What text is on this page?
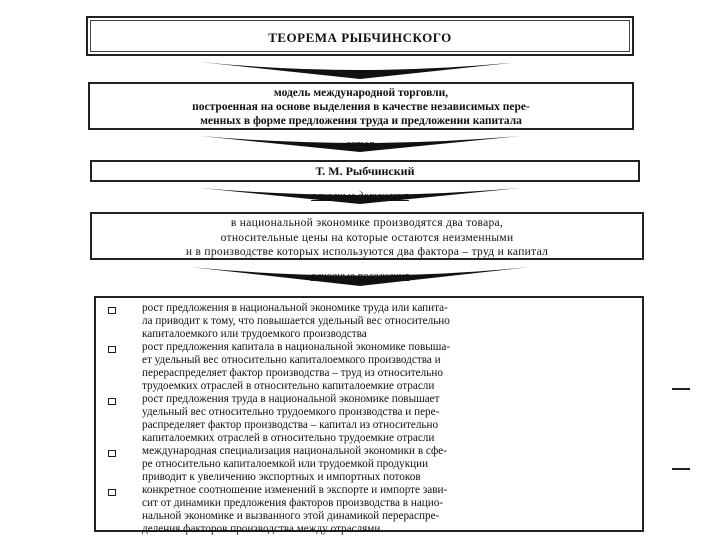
ТЕОРЕМА РЫБЧИНСКОГО
модель международной торговли,
построенная на основе выделения в качестве независимых пере-
менных в форме предложения труда и предложении капитала
автор
Т. М. Рыбчинский
основные допущения
в национальной экономике производятся два товара,
относительные цены на которые остаются неизменными
и в производстве которых используются два фактора – труд и капитал
основные положения
рост предложения в национальной экономике труда или капита-
ла приводит к тому, что повышается удельный вес относительно
капиталоемкого или трудоемкого производства
рост предложения капитала в национальной экономике повыша-
ет удельный вес относительно капиталоемкого производства и
перераспределяет фактор производства – труд из относительно
трудоемких отраслей в относительно капиталоемкие отрасли
рост предложения труда в национальной экономике повышает
удельный вес относительно трудоемкого производства и пере-
распределяет фактор производства – капитал из относительно
капиталоемких отраслей в относительно трудоемкие отрасли
международная специализация национальной экономики в сфе-
ре относительно капиталоемкой или трудоемкой продукции
приводит к увеличению экспортных и импортных потоков
конкретное соотношение изменений в экспорте и импорте зави-
сит от динамики предложения факторов производства в нацио-
нальной экономике и вызванного этой динамикой перераспре-
деления факторов производства между отраслями
